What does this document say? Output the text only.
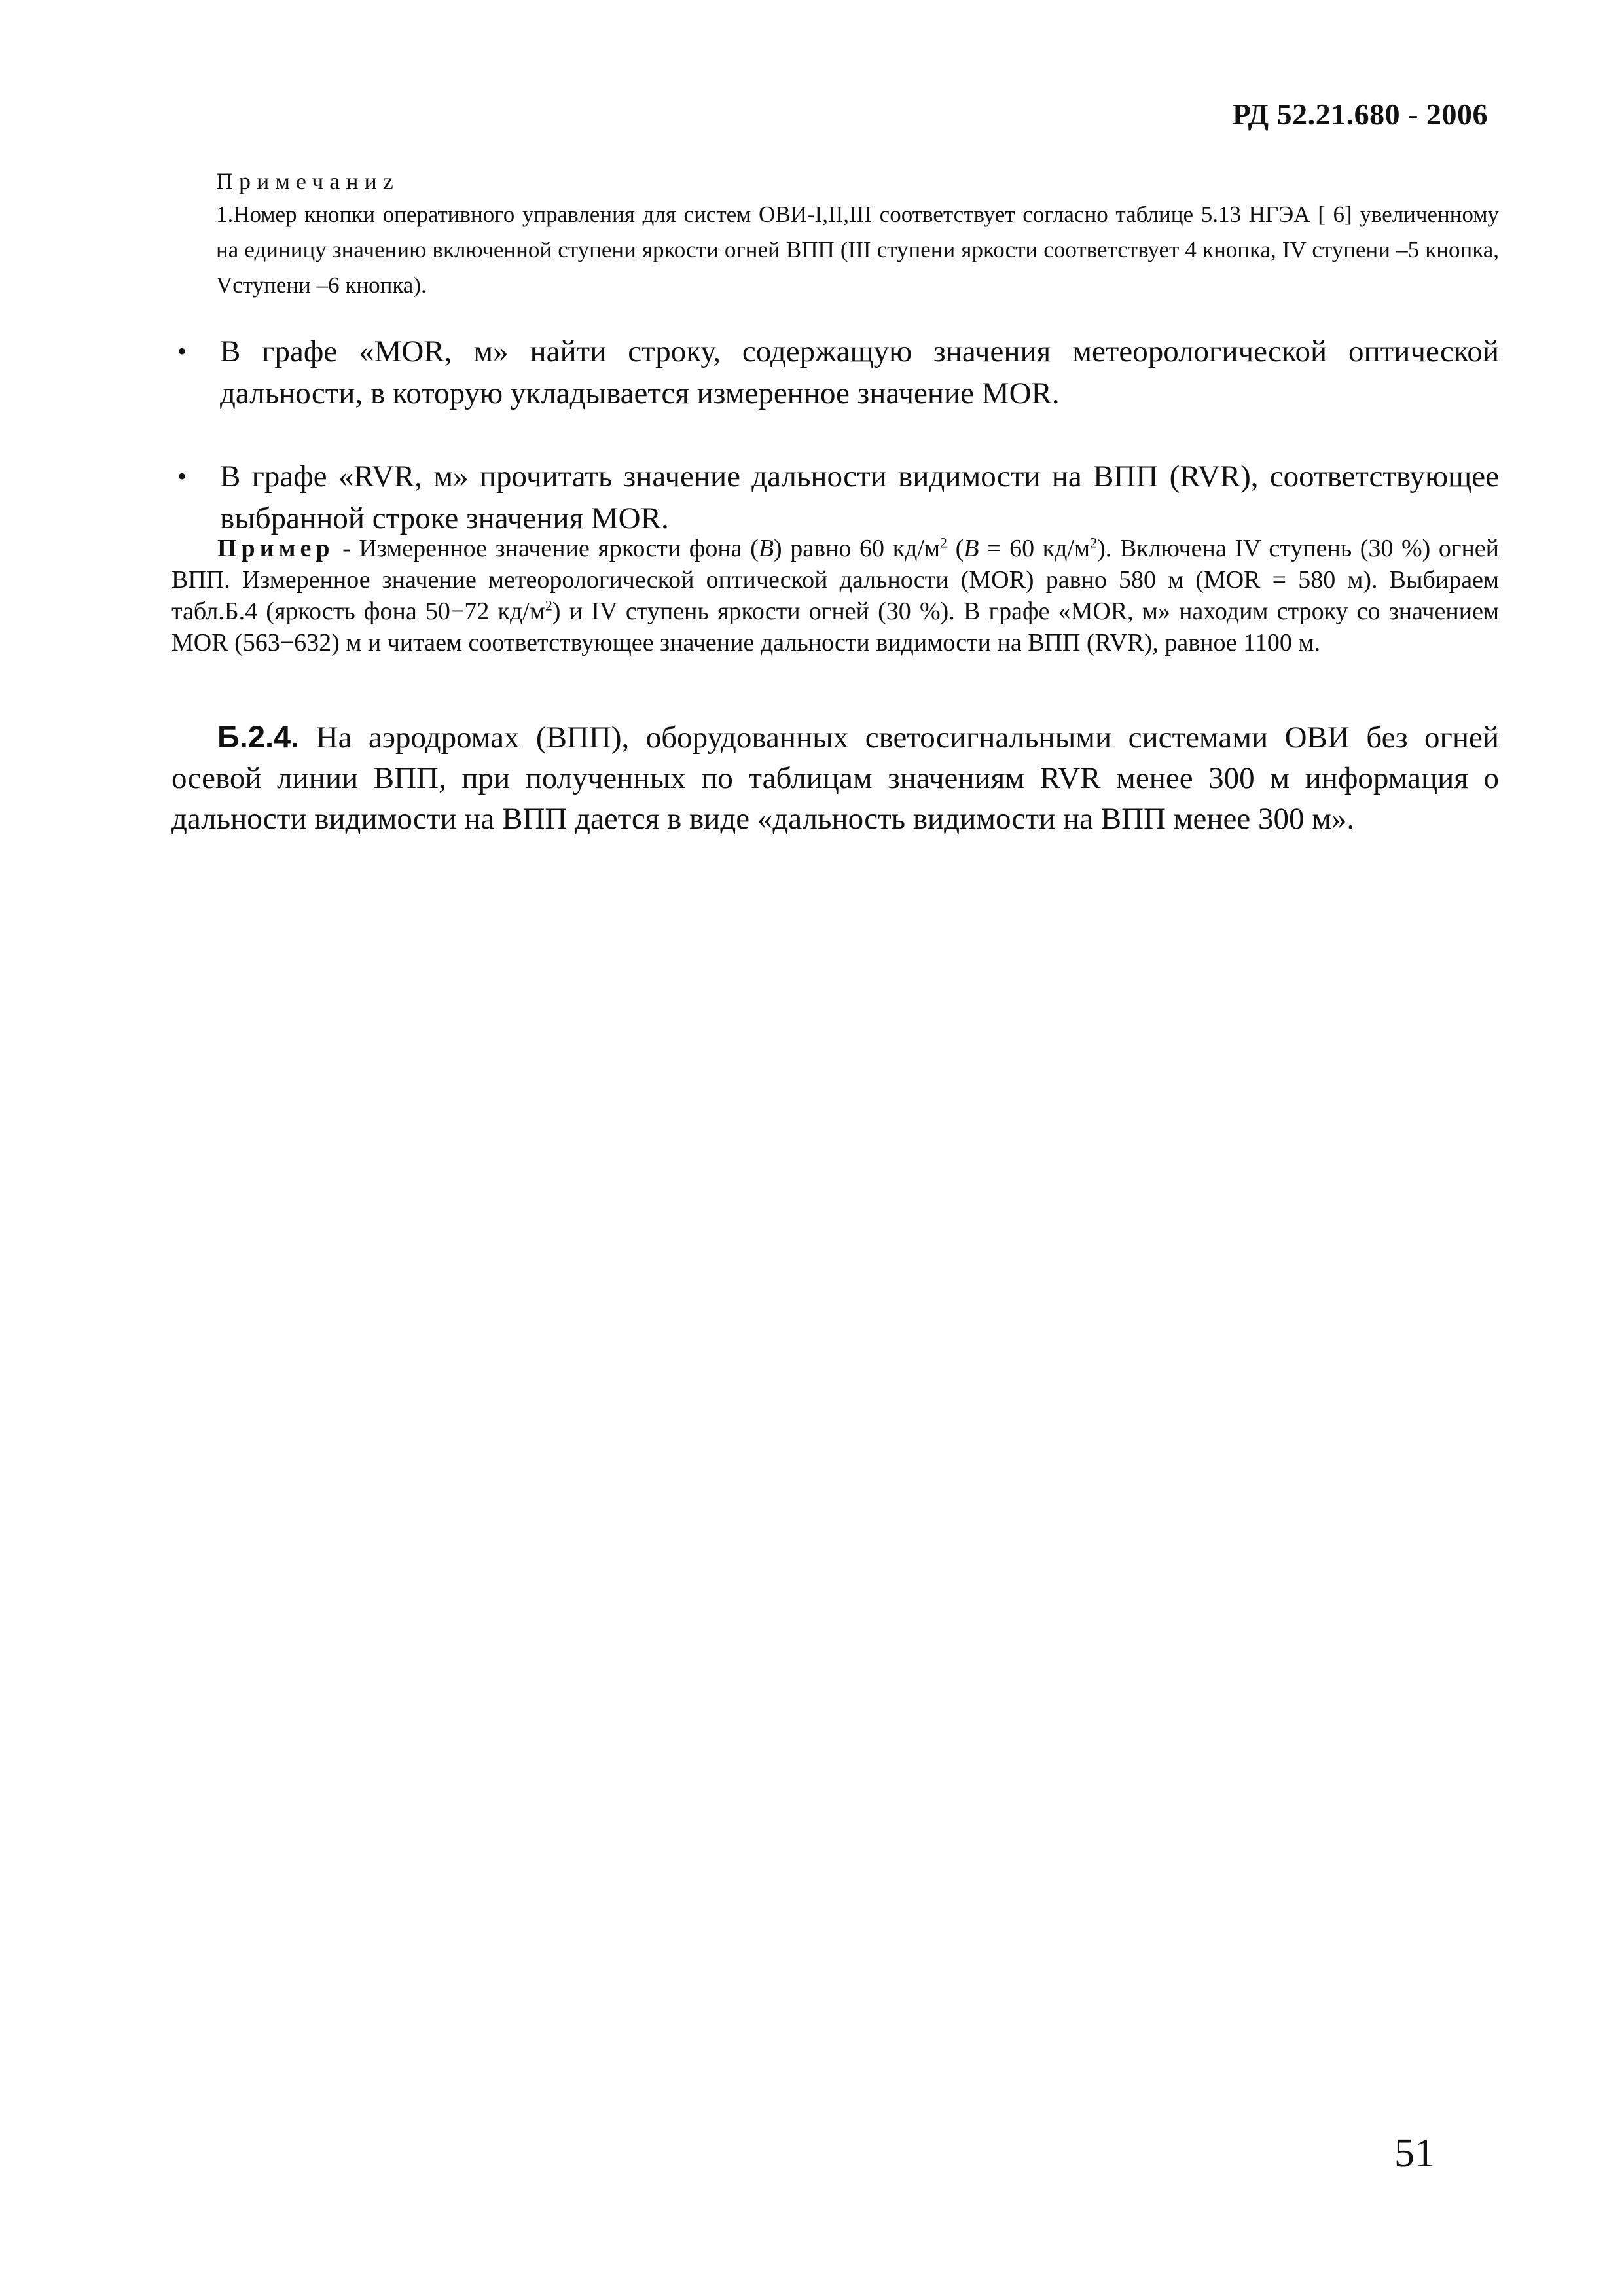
РД 52.21.680 - 2006
Примечаниz
1.Номер кнопки оперативного управления для систем ОВИ-I,II,III соответствует согласно таблице 5.13 НГЭА [ 6] увеличенному на единицу значению включенной ступени яркости огней ВПП (III ступени яркости соответствует 4 кнопка, IV ступени –5 кнопка, Vступени –6 кнопка).
• В графе «MOR, м» найти строку, содержащую значения метеорологической оптической дальности, в которую укладывается измеренное значение MOR.
• В графе «RVR, м» прочитать значение дальности видимости на ВПП (RVR), соответствующее выбранной строке значения MOR.
Пример - Измеренное значение яркости фона (B) равно 60 $кд/м^2$ (B = 60 $кд/м^2$). Включена IV ступень (30 %) огней ВПП. Измеренное значение метеорологической оптической дальности (MOR) равно 580 м (MOR = 580 м). Выбираем табл.Б.4 (яркость фона 50−72 $кд/м^2$) и IV ступень яркости огней (30 %). В графе «MOR, м» находим строку со значением MOR (563−632) м и читаем соответствующее значение дальности видимости на ВПП (RVR), равное 1100 м.
Б.2.4. На аэродромах (ВПП), оборудованных светосигнальными системами ОВИ без огней осевой линии ВПП, при полученных по таблицам значениям RVR менее 300 м информация о дальности видимости на ВПП дается в виде «дальность видимости на ВПП менее 300 м».
51
